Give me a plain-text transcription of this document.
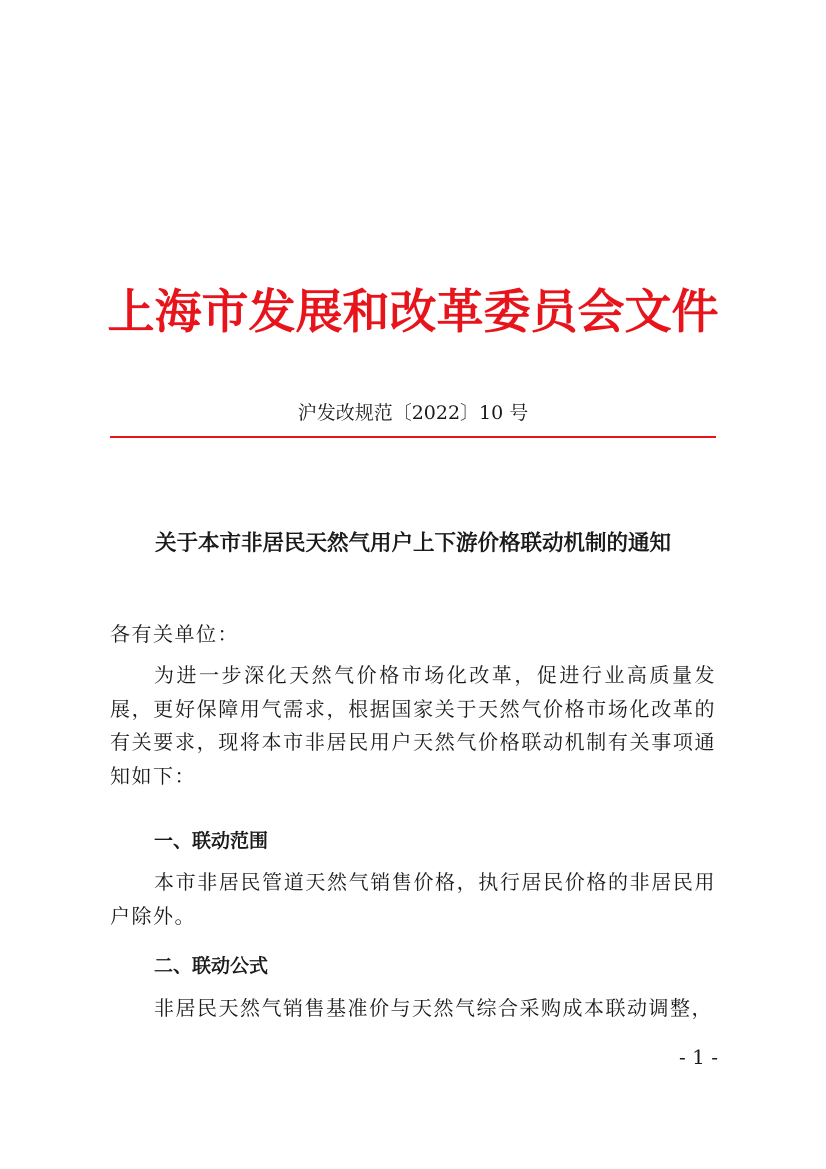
上海市发展和改革委员会文件
沪发改规范〔2022〕10 号
关于本市非居民天然气用户上下游价格联动机制的通知
各有关单位：
为进一步深化天然气价格市场化改革，促进行业高质量发展，更好保障用气需求，根据国家关于天然气价格市场化改革的有关要求，现将本市非居民用户天然气价格联动机制有关事项通知如下：
一、联动范围
本市非居民管道天然气销售价格，执行居民价格的非居民用户除外。
二、联动公式
非居民天然气销售基准价与天然气综合采购成本联动调整，
- 1 -
